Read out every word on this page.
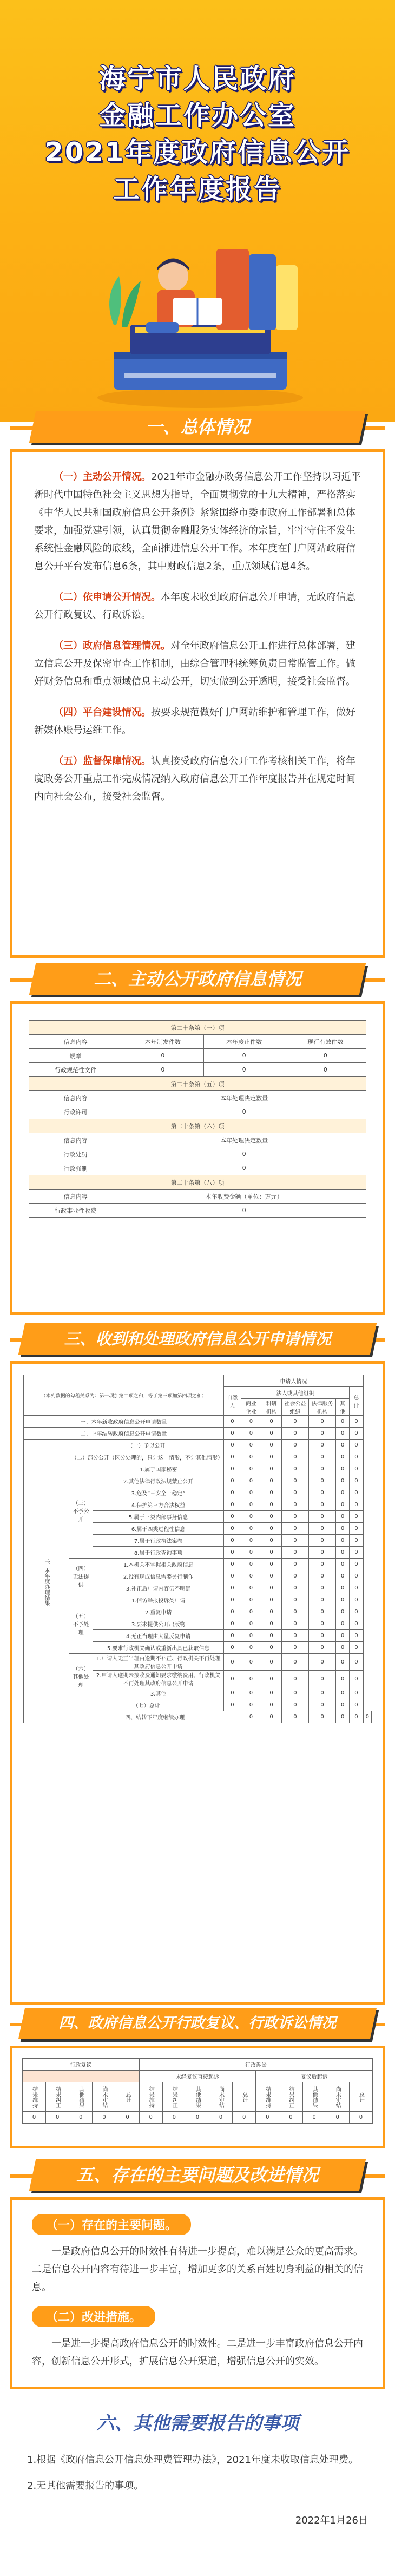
海宁市人民政府
金融工作办公室
2021年度政府信息公开
工作年度报告
一、总体情况

（一）主动公开情况。2021年市金融办政务信息公开工作坚持以习近平新时代中国特色社会主义思想为指导，全面贯彻党的十九大精神，严格落实《中华人民共和国政府信息公开条例》紧紧围绕市委市政府工作部署和总体要求，加强党建引领，认真贯彻金融服务实体经济的宗旨，牢牢守住不发生系统性金融风险的底线，全面推进信息公开工作。本年度在门户网站政府信息公开平台发布信息6条，其中财政信息2条，重点领域信息4条。

（二）依申请公开情况。本年度未收到政府信息公开申请，无政府信息公开行政复议、行政诉讼。

（三）政府信息管理情况。对全年政府信息公开工作进行总体部署，建立信息公开及保密审查工作机制，由综合管理科统筹负责日常监管工作。做好财务信息和重点领域信息主动公开，切实做到公开透明，接受社会监督。

（四）平台建设情况。按要求规范做好门户网站维护和管理工作，做好新媒体账号运维工作。

（五）监督保障情况。认真接受政府信息公开工作考核相关工作，将年度政务公开重点工作完成情况纳入政府信息公开工作年度报告并在规定时间内向社会公布，接受社会监督。

二、主动公开政府信息情况
第二十条第（一）项			
信息内容	本年制发件数	本年废止件数	现行有效件数
规章	0	0	0
行政规范性文件	0	0	0
第二十条第（五）项			
信息内容	本年处理决定数量		
行政许可	0		
第二十条第（六）项			
信息内容	本年处理决定数量		
行政处罚	0		
行政强制	0		
第二十条第（八）项			
信息内容	本年收费金额（单位：万元）		
行政事业性收费	0		
三、收到和处理政府信息公开申请情况
（本列数据的勾稽关系为：第一项加第二项之和，等于第三项加第四项之和）			申请人情况							
			自然人	法人或其他组织					总计	
				商业企业	科研机构	社会公益组织	法律服务机构	其他		
一、本年新收政府信息公开申请数量			0	0	0	0	0	0	0	
二、上年结转政府信息公开申请数量			0	0	0	0	0	0	0	
三、本年度办理结果	（一）予以公开		0	0	0	0	0	0	0	
	（二）部分公开（区分处理的，只计这一情形，不计其他情形）		0	0	0	0	0	0	0	
	（三）不予公开	1.属于国家秘密	0	0	0	0	0	0	0	
		2.其他法律行政法规禁止公开	0	0	0	0	0	0	0	
		3.危及“三安全一稳定”	0	0	0	0	0	0	0	
		4.保护第三方合法权益	0	0	0	0	0	0	0	
		5.属于三类内部事务信息	0	0	0	0	0	0	0	
		6.属于四类过程性信息	0	0	0	0	0	0	0	
		7.属于行政执法案卷	0	0	0	0	0	0	0	
		8.属于行政查询事项	0	0	0	0	0	0	0	
	（四）无法提供	1.本机关不掌握相关政府信息	0	0	0	0	0	0	0	
		2.没有现成信息需要另行制作	0	0	0	0	0	0	0	
		3.补正后申请内容仍不明确	0	0	0	0	0	0	0	
	（五）不予处理	1.信访举报投诉类申请	0	0	0	0	0	0	0	
		2.重复申请	0	0	0	0	0	0	0	
		3.要求提供公开出版物	0	0	0	0	0	0	0	
		4.无正当理由大量反复申请	0	0	0	0	0	0	0	
		5.要求行政机关确认或重新出具已获取信息	0	0	0	0	0	0	0	
	（六）其他处理	1.申请人无正当理由逾期不补正、行政机关不再处理其政府信息公开申请	0	0	0	0	0	0	0	
		2.申请人逾期未按收费通知要求缴纳费用、行政机关不再处理其政府信息公开申请	0	0	0	0	0	0	0	
		3.其他	0	0	0	0	0	0	0	
	（七）总计		0	0	0	0	0	0	0	
	四、结转下年度继续办理			0	0	0	0	0	0	0
四、政府信息公开行政复议、行政诉讼情况
行政复议					行政诉讼									
					未经复议直接起诉					复议后起诉				
结果维持	结果纠正	其他结果	尚未审结	总计	结果维持	结果纠正	其他结果	尚未审结	总计	结果维持	结果纠正	其他结果	尚未审结	总计
0	0	0	0	0	0	0	0	0	0	0	0	0	0	0
五、存在的主要问题及改进情况
（一）存在的主要问题。

一是政府信息公开的时效性有待进一步提高，难以满足公众的更高需求。二是信息公开内容有待进一步丰富，增加更多的关系百姓切身利益的相关的信息。

（二）改进措施。

一是进一步提高政府信息公开的时效性。二是进一步丰富政府信息公开内容，创新信息公开形式，扩展信息公开渠道，增强信息公开的实效。

六、其他需要报告的事项

1.根据《政府信息公开信息处理费管理办法》，2021年度未收取信息处理费。

2.无其他需要报告的事项。

2022年1月26日
